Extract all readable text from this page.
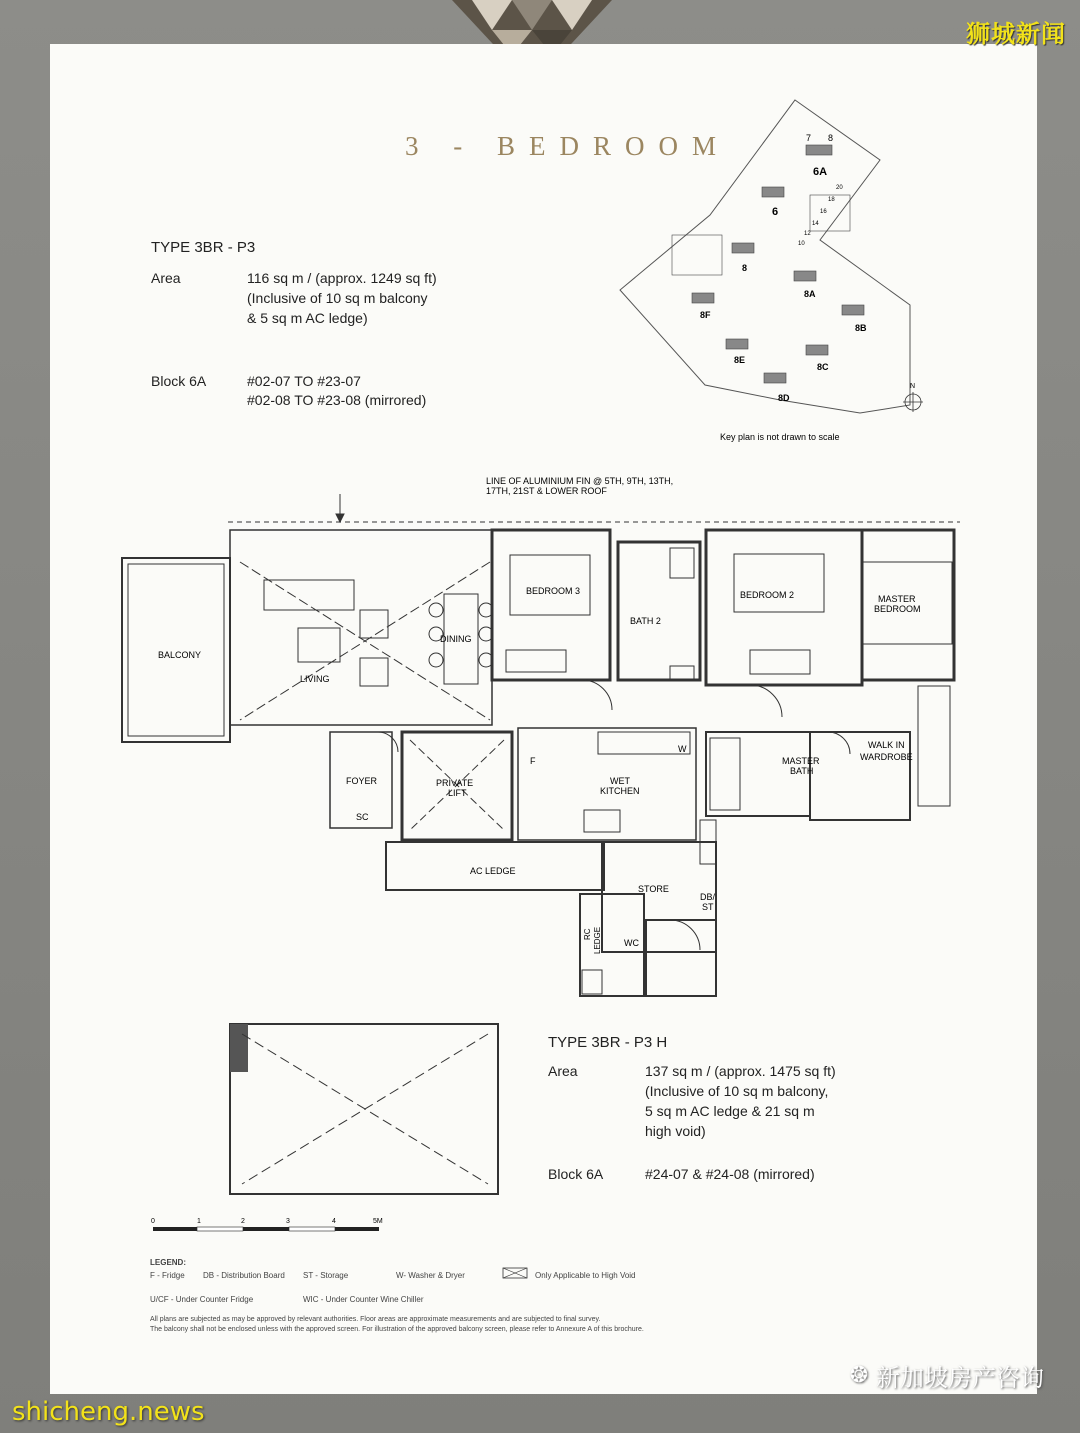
狮城新闻
3 - BEDROOM
TYPE 3BR - P3
Area	116 sq m / (approx. 1249 sq ft)
(Inclusive of 10 sq m balcony
& 5 sq m AC ledge)
Block 6A	#02-07 TO #23-07
#02-08 TO #23-08 (mirrored)
TYPE 3BR - P3 H
Area	137 sq m / (approx. 1475 sq ft)
(Inclusive of 10 sq m balcony,
5 sq m AC ledge & 21 sq m
high void)
Block 6A	#24-07 & #24-08 (mirrored)
7 8
6A
6
8
8A
8B
8C
8D
8E
8F
10
12
14
16
18
20
N
Key plan is not drawn to scale
LINE OF ALUMINIUM FIN @ 5TH, 9TH, 13TH,
17TH, 21ST & LOWER ROOF
BALCONY
LIVING
DINING
BEDROOM 3
BATH 2
BEDROOM 2	MASTER
BEDROOM
FOYER
SC
PRIVATE
LIFT
F
W
WET
KITCHEN
MASTER
BATH
WALK IN
WARDROBE
AC LEDGE
STORE
DB/
ST
RC LEDGE WC
0	1	2	3	4	5M
LEGEND:
F - Fridge DB - Distribution Board ST - Storage	W- Washer & Dryer	Only Applicable to High Void
U/CF - Under Counter Fridge	WIC - Under Counter Wine Chiller
All plans are subjected as may be approved by relevant authorities. Floor areas are approximate measurements and are subjected to final survey.
The balcony shall not be enclosed unless with the approved screen. For illustration of the approved balcony screen, please refer to Annexure A of this brochure.
❂ 新加坡房产咨询
shicheng.news
